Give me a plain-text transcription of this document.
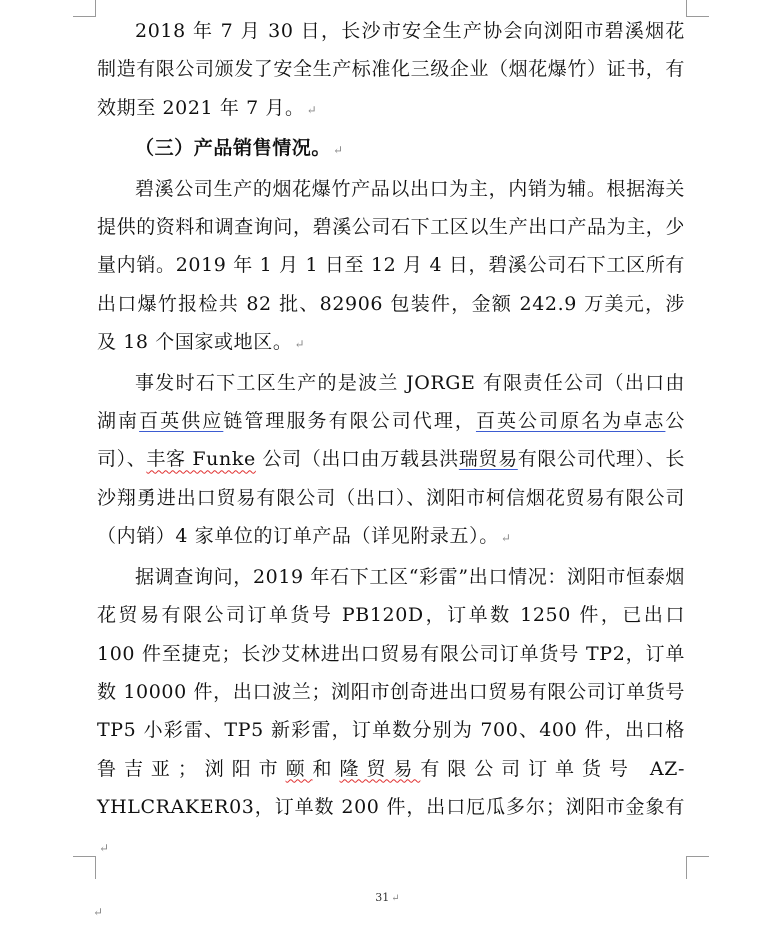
2018 年 7 月 30 日，长沙市安全生产协会向浏阳市碧溪烟花制造有限公司颁发了安全生产标准化三级企业（烟花爆竹）证书，有效期至 2021 年 7 月。 ↵

（三）产品销售情况。 ↵

碧溪公司生产的烟花爆竹产品以出口为主，内销为辅。根据海关提供的资料和调查询问，碧溪公司石下工区以生产出口产品为主，少量内销。2019 年 1 月 1 日至 12 月 4 日，碧溪公司石下工区所有出口爆竹报检共 82 批、82906 包装件，金额 242.9 万美元，涉及 18 个国家或地区。 ↵

事发时石下工区生产的是波兰 JORGE 有限责任公司（出口由湖南百英供应链管理服务有限公司代理，百英公司原名为卓志公司）、丰客 Funke 公司（出口由万载县洪瑞贸易有限公司代理）、长沙翔勇进出口贸易有限公司（出口）、浏阳市柯信烟花贸易有限公司（内销）4 家单位的订单产品（详见附录五）。 ↵

据调查询问，2019 年石下工区“彩雷”出口情况：浏阳市恒泰烟花贸易有限公司订单货号 PB120D，订单数 1250 件，已出口 100 件至捷克；长沙艾林进出口贸易有限公司订单货号 TP2，订单数 10000 件，出口波兰；浏阳市创奇进出口贸易有限公司订单货号 TP5 小彩雷、TP5 新彩雷，订单数分别为 700、400 件，出口格鲁吉亚；浏阳市颐和隆贸易有限公司订单货号 AZ-YHLCRAKER03，订单数 200 件，出口厄瓜多尔；浏阳市金象有↵

31 ↵
↵
